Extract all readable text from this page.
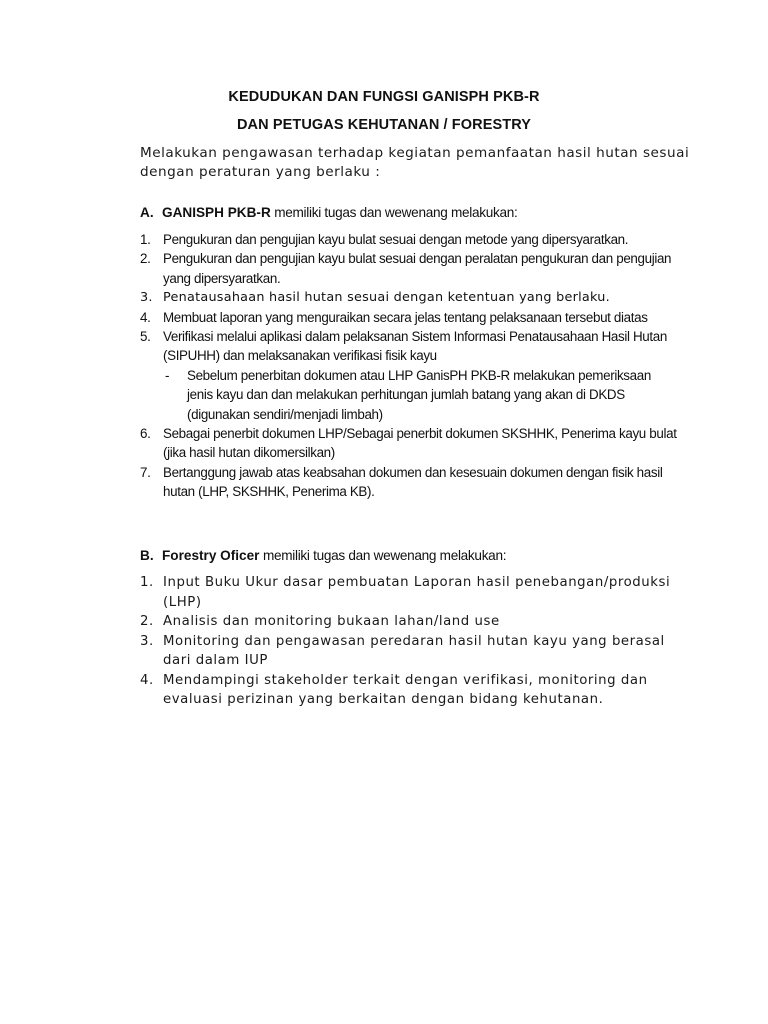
KEDUDUKAN DAN FUNGSI GANISPH PKB-R
DAN PETUGAS KEHUTANAN / FORESTRY
Melakukan pengawasan terhadap kegiatan pemanfaatan hasil hutan sesuai dengan peraturan yang berlaku :
A. GANISPH PKB-R memiliki tugas dan wewenang melakukan:
1. Pengukuran dan pengujian kayu bulat sesuai dengan metode yang dipersyaratkan.
2. Pengukuran dan pengujian kayu bulat sesuai dengan peralatan pengukuran dan pengujian yang dipersyaratkan.
3. Penatausahaan hasil hutan sesuai dengan ketentuan yang berlaku.
4. Membuat laporan yang menguraikan secara jelas tentang pelaksanaan tersebut diatas
5. Verifikasi melalui aplikasi dalam pelaksanan Sistem Informasi Penatausahaan Hasil Hutan (SIPUHH) dan melaksanakan verifikasi fisik kayu
- Sebelum penerbitan dokumen atau LHP GanisPH PKB-R melakukan pemeriksaan jenis kayu dan dan melakukan perhitungan jumlah batang yang akan di DKDS (digunakan sendiri/menjadi limbah)
6. Sebagai penerbit dokumen LHP/Sebagai penerbit dokumen SKSHHK, Penerima kayu bulat (jika hasil hutan dikomersilkan)
7. Bertanggung jawab atas keabsahan dokumen dan kesesuain dokumen dengan fisik hasil hutan (LHP, SKSHHK, Penerima KB).
B. Forestry Oficer memiliki tugas dan wewenang melakukan:
1. Input Buku Ukur dasar pembuatan Laporan hasil penebangan/produksi (LHP)
2. Analisis dan monitoring bukaan lahan/land use
3. Monitoring dan pengawasan peredaran hasil hutan kayu yang berasal dari dalam IUP
4. Mendampingi stakeholder terkait dengan verifikasi, monitoring dan evaluasi perizinan yang berkaitan dengan bidang kehutanan.
